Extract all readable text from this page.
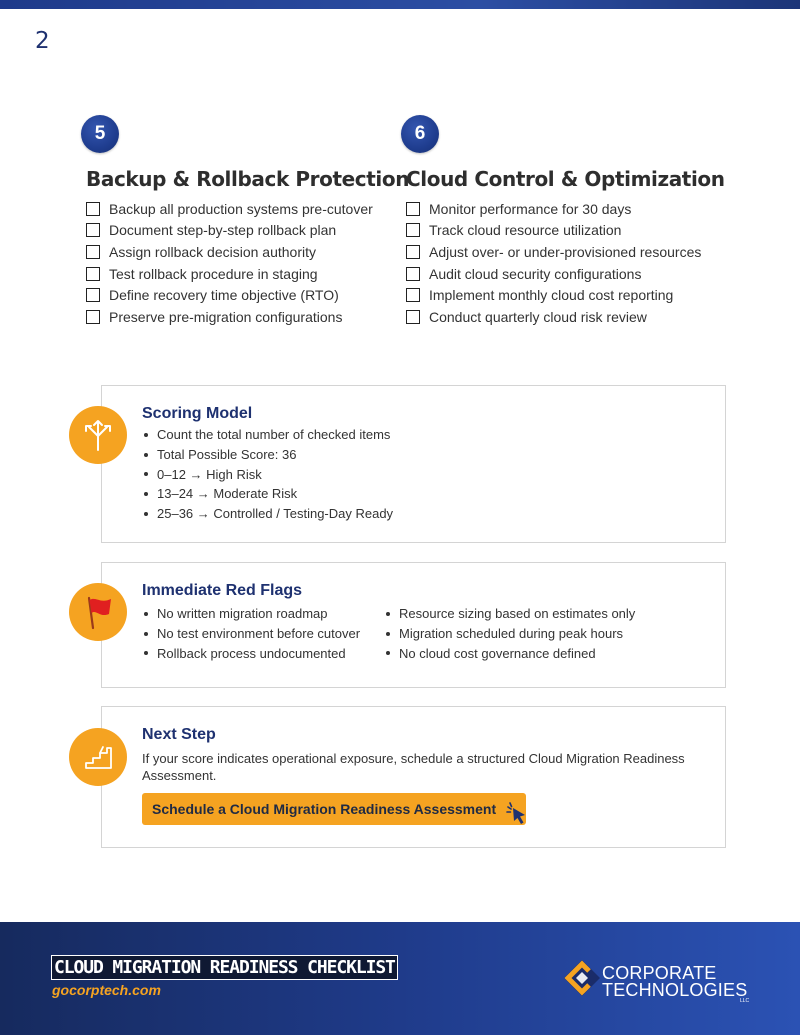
2
5
Backup & Rollback Protection
Backup all production systems pre-cutover
Document step-by-step rollback plan
Assign rollback decision authority
Test rollback procedure in staging
Define recovery time objective (RTO)
Preserve pre-migration configurations
6
Cloud Control & Optimization
Monitor performance for 30 days
Track cloud resource utilization
Adjust over- or under-provisioned resources
Audit cloud security configurations
Implement monthly cloud cost reporting
Conduct quarterly cloud risk review
Scoring Model
Count the total number of checked items
Total Possible Score: 36
0–12 → High Risk
13–24 → Moderate Risk
25–36 → Controlled / Testing-Day Ready
Immediate Red Flags
No written migration roadmap
No test environment before cutover
Rollback process undocumented
Resource sizing based on estimates only
Migration scheduled during peak hours
No cloud cost governance defined
Next Step
If your score indicates operational exposure, schedule a structured Cloud Migration Readiness Assessment.
Schedule a Cloud Migration Readiness Assessment
CLOUD MIGRATION READINESS CHECKLIST
gocorptech.com
CORPORATE
TECHNOLOGIES
LLC
